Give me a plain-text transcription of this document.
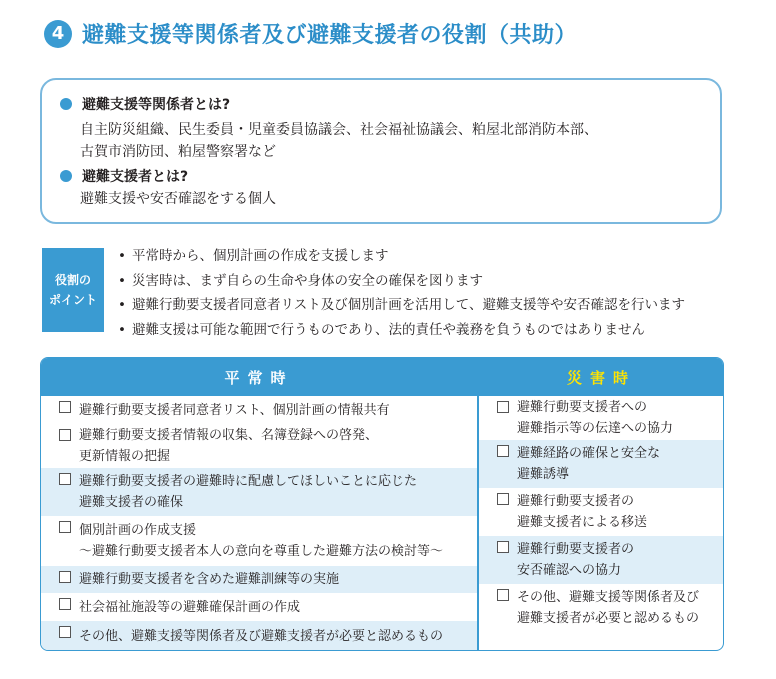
4 避難支援等関係者及び避難支援者の役割（共助）
避難支援等関係者とは?
自主防災組織、民生委員・児童委員協議会、社会福祉協議会、粕屋北部消防本部、
古賀市消防団、粕屋警察署など
避難支援者とは?
避難支援や安否確認をする個人
役割の
ポイント
• 平常時から、個別計画の作成を支援します
• 災害時は、まず自らの生命や身体の安全の確保を図ります
• 避難行動要支援者同意者リスト及び個別計画を活用して、避難支援等や安否確認を行います
• 避難支援は可能な範囲で行うものであり、法的責任や義務を負うものではありません
平常時
避難行動要支援者同意者リスト、個別計画の情報共有
避難行動要支援者情報の収集、名簿登録への啓発、
更新情報の把握
避難行動要支援者の避難時に配慮してほしいことに応じた
避難支援者の確保
個別計画の作成支援
〜避難行動要支援者本人の意向を尊重した避難方法の検討等〜
避難行動要支援者を含めた避難訓練等の実施
社会福祉施設等の避難確保計画の作成
その他、避難支援等関係者及び避難支援者が必要と認めるもの
災害時
避難行動要支援者への
避難指示等の伝達への協力
避難経路の確保と安全な
避難誘導
避難行動要支援者の
避難支援者による移送
避難行動要支援者の
安否確認への協力
その他、避難支援等関係者及び
避難支援者が必要と認めるもの
